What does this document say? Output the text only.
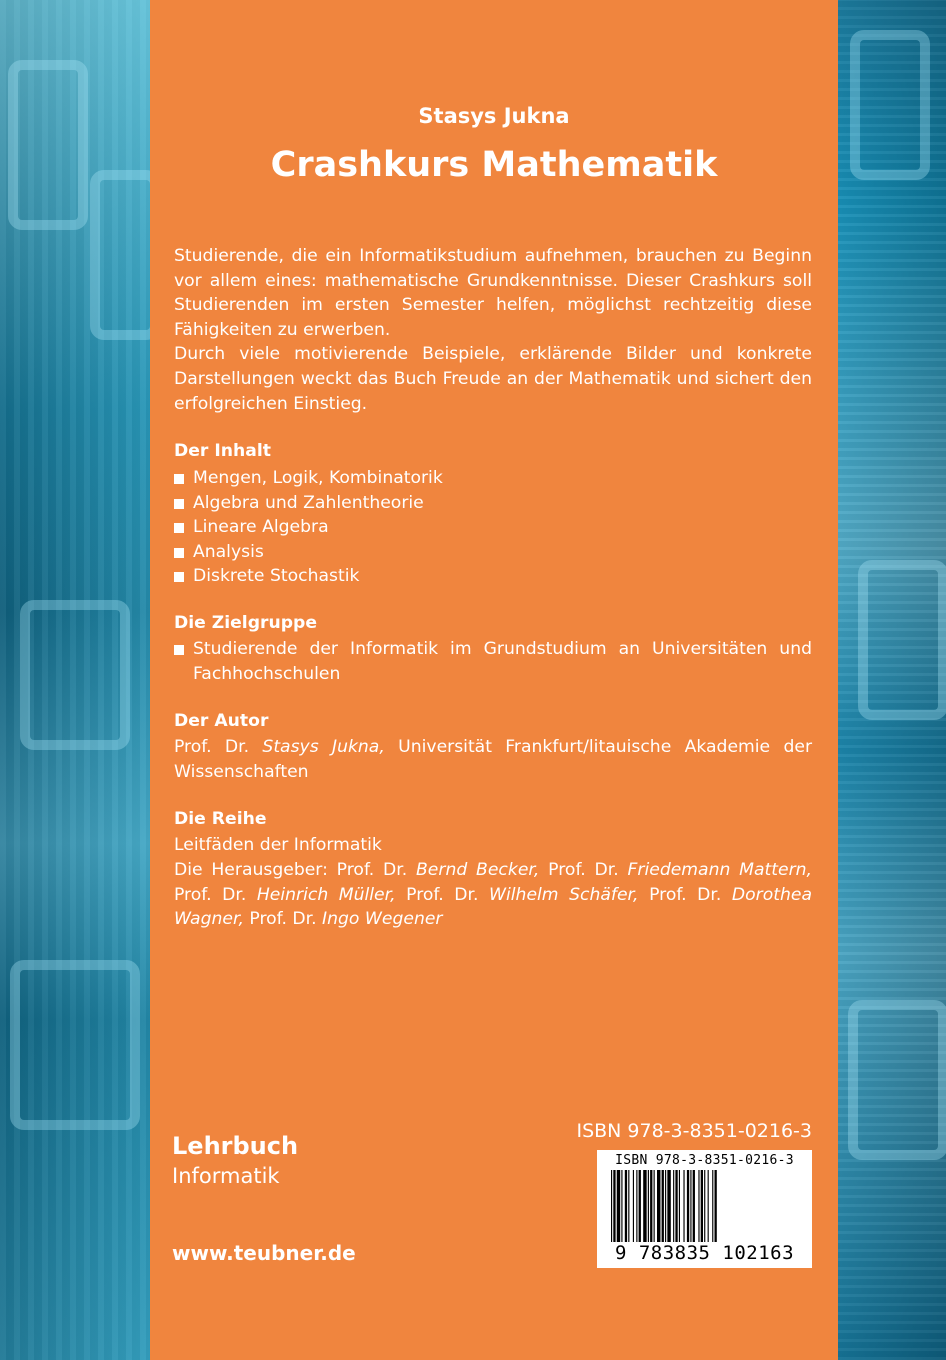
Stasys Jukna
Crashkurs Mathematik

Studierende, die ein Informatikstudium aufnehmen, brauchen zu Beginn vor allem eines: mathematische Grundkenntnisse. Dieser Crashkurs soll Studierenden im ersten Semester helfen, möglichst rechtzeitig diese Fähigkeiten zu erwerben.

Durch viele motivierende Beispiele, erklärende Bilder und konkrete Darstellungen weckt das Buch Freude an der Mathematik und sichert den erfolgreichen Einstieg.

Der Inhalt
Mengen, Logik, Kombinatorik
Algebra und Zahlentheorie
Lineare Algebra
Analysis
Diskrete Stochastik
Die Zielgruppe
Studierende der Informatik im Grundstudium an Universitäten und Fachhochschulen
Der Autor
Prof. Dr. Stasys Jukna, Universität Frankfurt/litauische Akademie der Wissenschaften
Die Reihe
Leitfäden der Informatik
Die Herausgeber: Prof. Dr. Bernd Becker, Prof. Dr. Friedemann Mattern, Prof. Dr. Heinrich Müller, Prof. Dr. Wilhelm Schäfer, Prof. Dr. Dorothea Wagner, Prof. Dr. Ingo Wegener
Lehrbuch
Informatik
www.teubner.de
ISBN 978-3-8351-0216-3
ISBN 978-3-8351-0216-3
9 783835 102163
